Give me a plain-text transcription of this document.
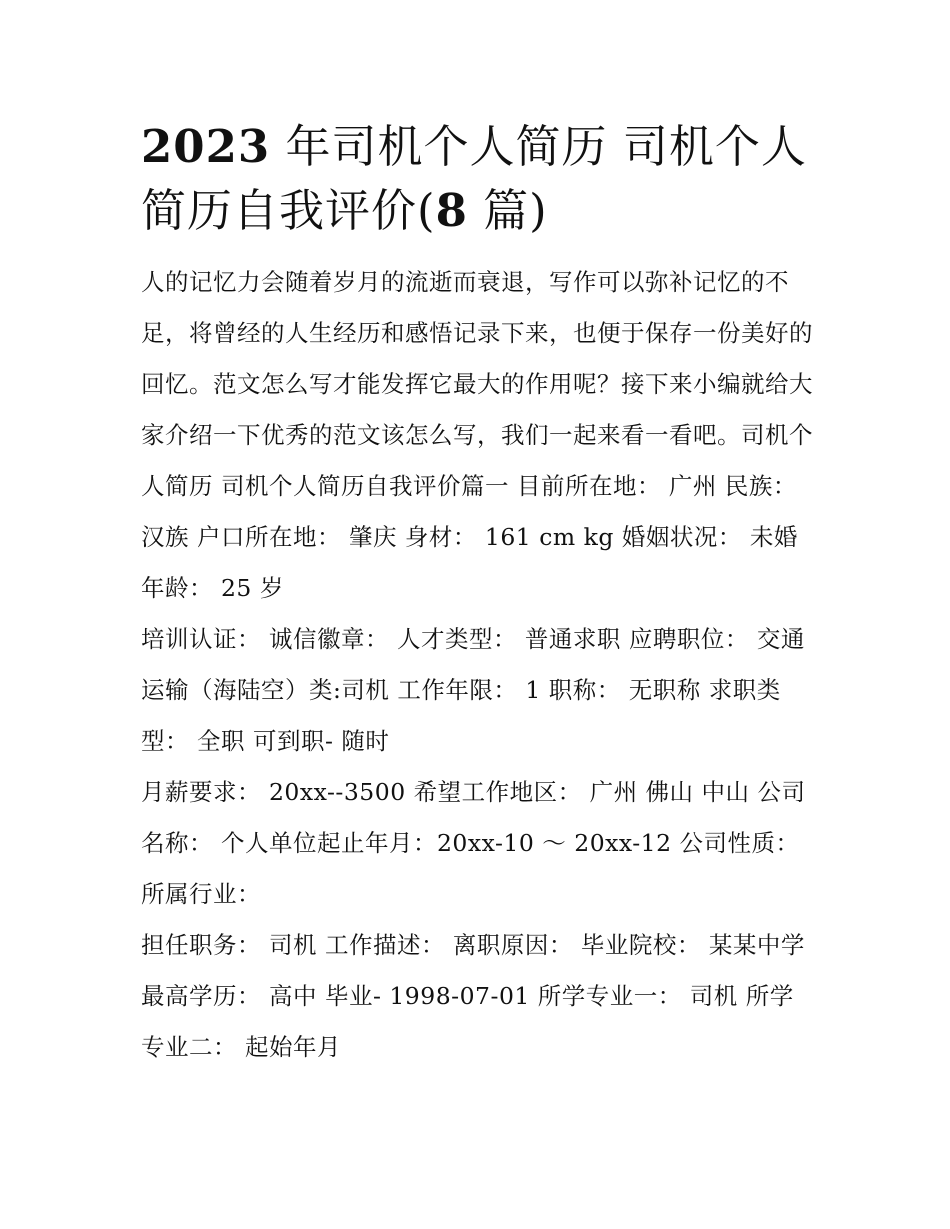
2023 年司机个人简历 司机个人简历自我评价(8 篇)

人的记忆力会随着岁月的流逝而衰退，写作可以弥补记忆的不足，将曾经的人生经历和感悟记录下来，也便于保存一份美好的回忆。范文怎么写才能发挥它最大的作用呢？接下来小编就给大家介绍一下优秀的范文该怎么写，我们一起来看一看吧。司机个人简历 司机个人简历自我评价篇一 目前所在地： 广州 民族： 汉族 户口所在地： 肇庆 身材： 161 cm kg 婚姻状况： 未婚 年龄： 25 岁

培训认证： 诚信徽章： 人才类型： 普通求职 应聘职位： 交通运输（海陆空）类:司机 工作年限： 1 职称： 无职称 求职类型： 全职 可到职- 随时

月薪要求： 20xx--3500 希望工作地区： 广州 佛山 中山 公司名称： 个人单位起止年月：20xx-10 ～ 20xx-12 公司性质： 所属行业：

担任职务： 司机 工作描述： 离职原因： 毕业院校： 某某中学 最高学历： 高中 毕业- 1998-07-01 所学专业一： 司机 所学专业二： 起始年月
